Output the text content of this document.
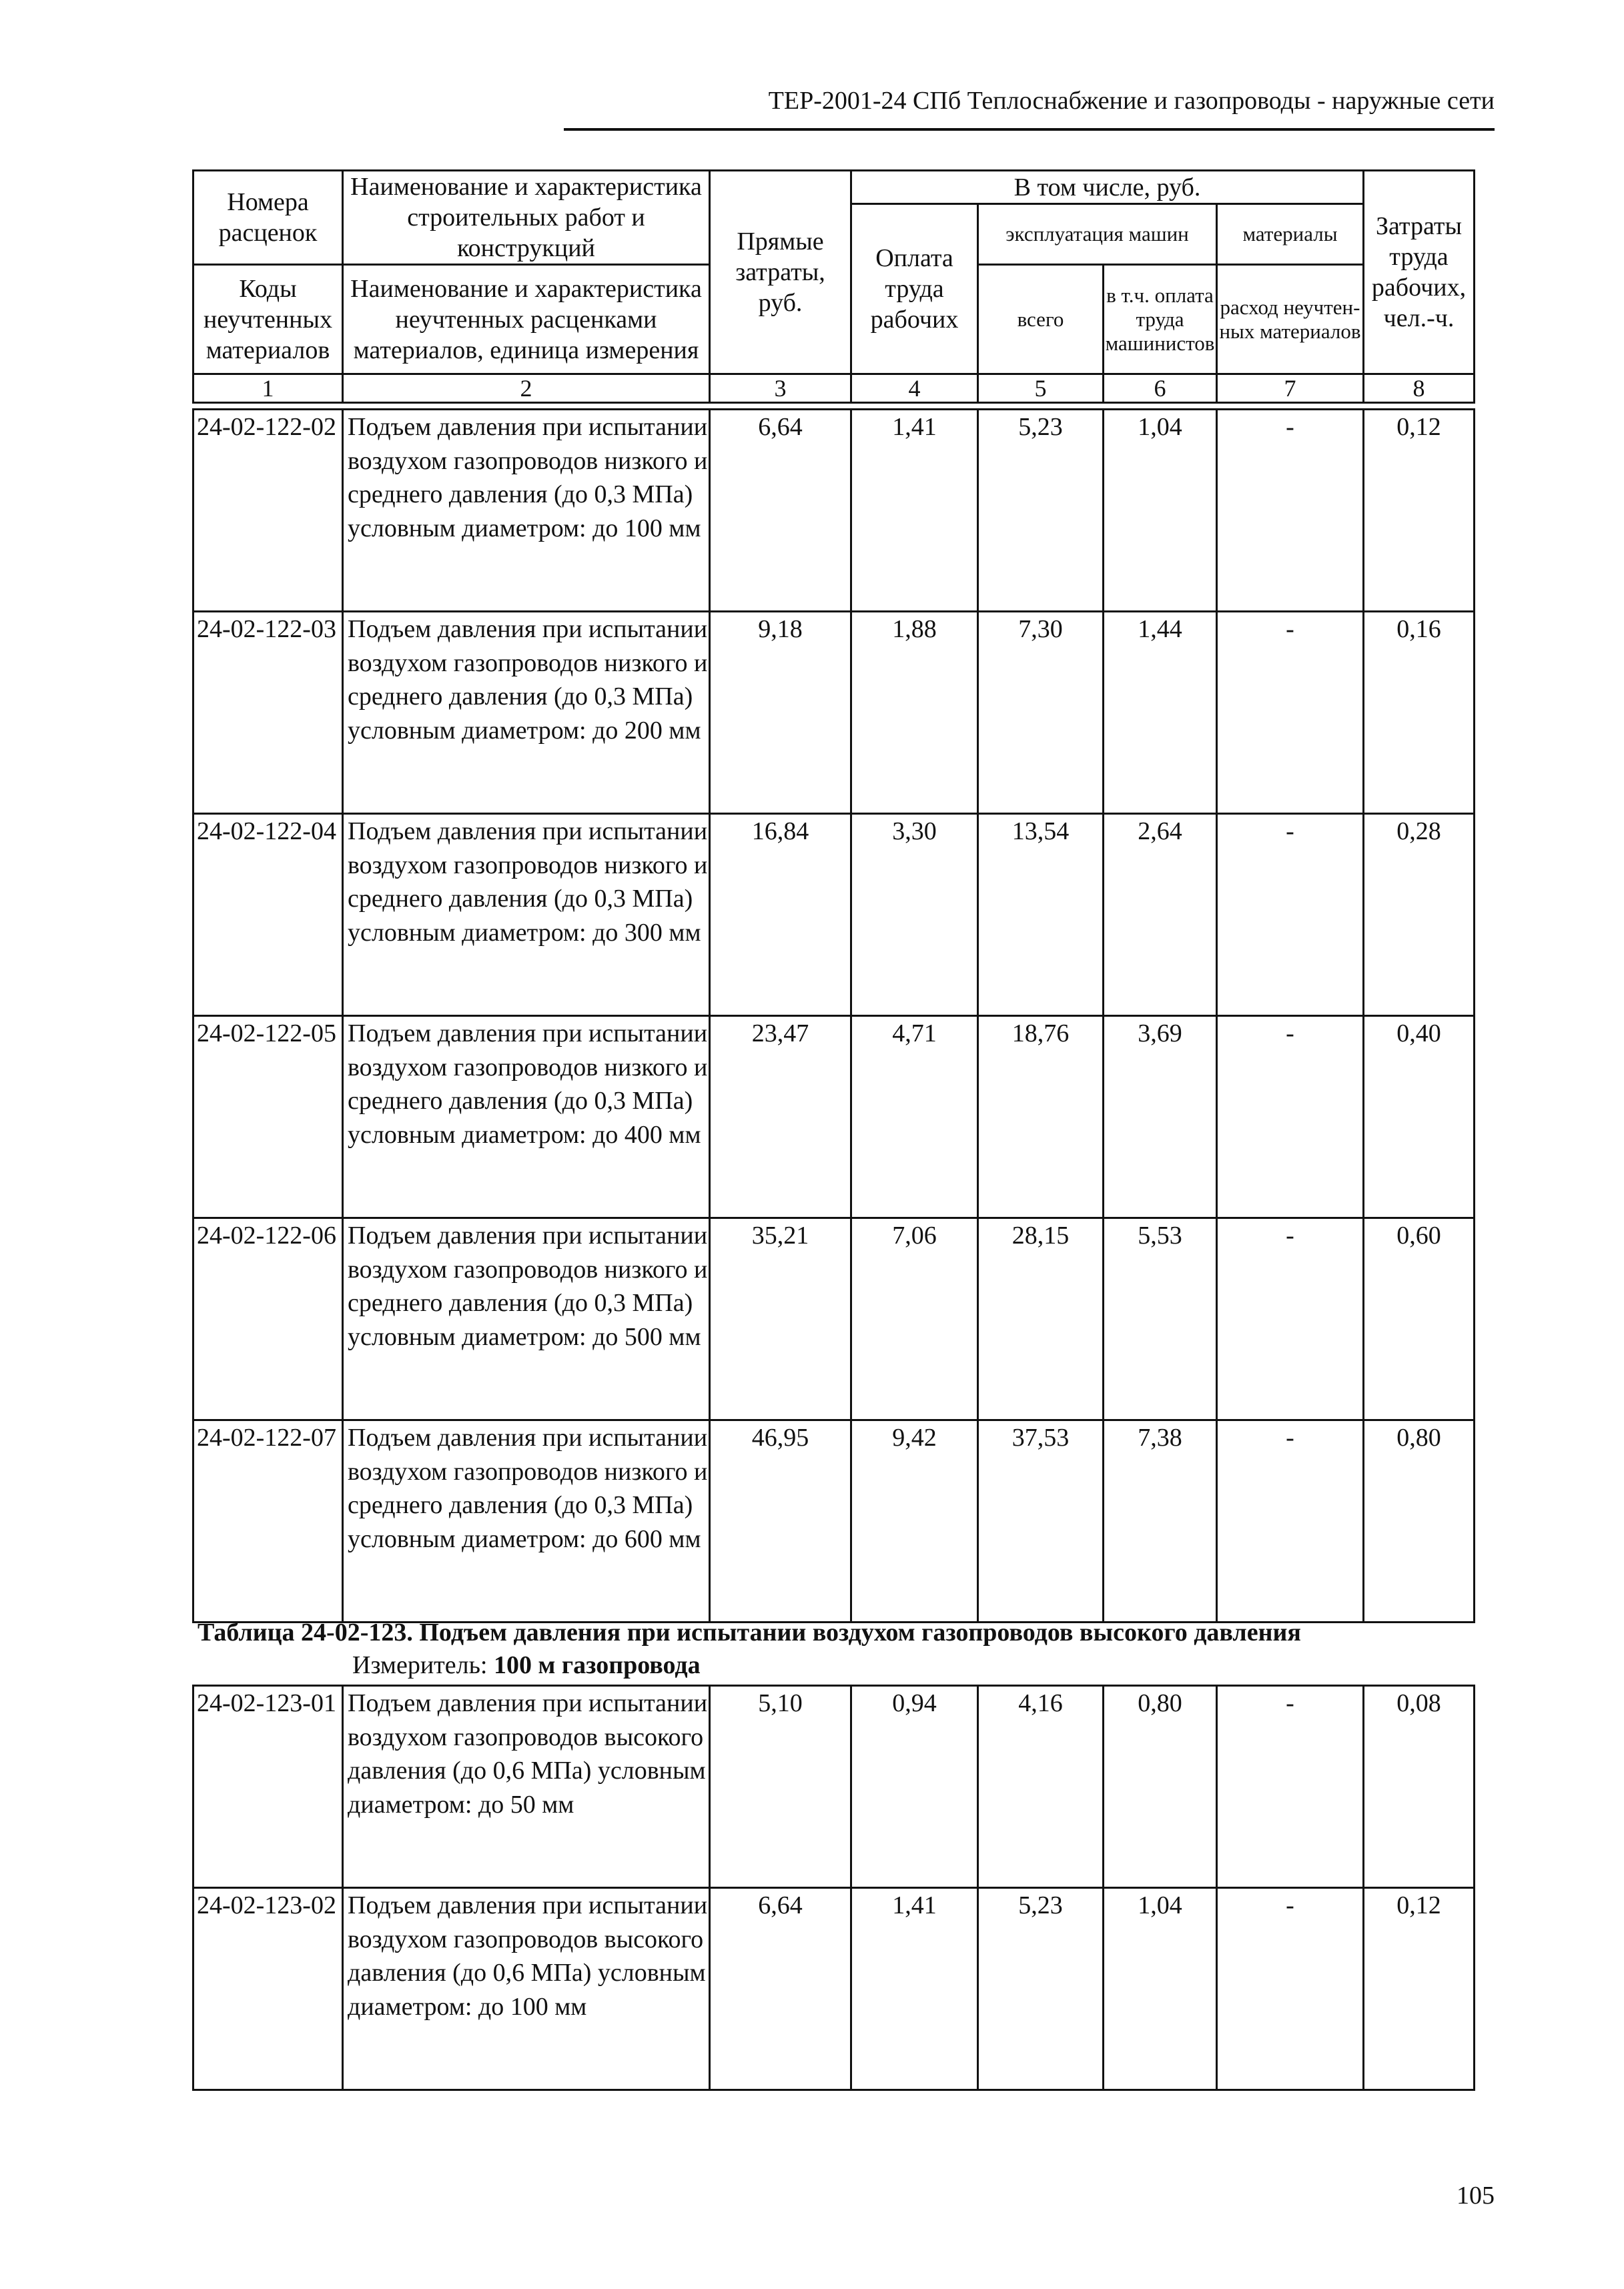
ТЕР-2001-24 СПб Теплоснабжение и газопроводы - наружные сети
Номера расценок	Наименование и характеристика строительных работ и конструкций	Прямые затраты, руб.	В том числе, руб.				Затраты труда рабочих, чел.-ч.
			Оплата труда рабочих	эксплуатация машин		материалы	
Коды неучтенных материалов	Наименование и характеристика неучтенных расценками материалов, единица измерения			всего	в т.ч. оплата труда машинистов	расход неучтен-ных материалов	

1	2	3	4	5	6	7	8
24-02-122-02	Подъем давления при испытании воздухом газопроводов низкого и среднего давления (до 0,3 МПа) условным диаметром: до 100 мм	6,64	1,41	5,23	1,04	-	0,12
24-02-122-03	Подъем давления при испытании воздухом газопроводов низкого и среднего давления (до 0,3 МПа) условным диаметром: до 200 мм	9,18	1,88	7,30	1,44	-	0,16
24-02-122-04	Подъем давления при испытании воздухом газопроводов низкого и среднего давления (до 0,3 МПа) условным диаметром: до 300 мм	16,84	3,30	13,54	2,64	-	0,28
24-02-122-05	Подъем давления при испытании воздухом газопроводов низкого и среднего давления (до 0,3 МПа) условным диаметром: до 400 мм	23,47	4,71	18,76	3,69	-	0,40
24-02-122-06	Подъем давления при испытании воздухом газопроводов низкого и среднего давления (до 0,3 МПа) условным диаметром: до 500 мм	35,21	7,06	28,15	5,53	-	0,60
24-02-122-07	Подъем давления при испытании воздухом газопроводов низкого и среднего давления (до 0,3 МПа) условным диаметром: до 600 мм	46,95	9,42	37,53	7,38	-	0,80
Таблица 24-02-123. Подъем давления при испытании воздухом газопроводов высокого давления
Измеритель: 100 м газопровода
24-02-123-01	Подъем давления при испытании воздухом газопроводов высокого давления (до 0,6 МПа) условным диаметром: до 50 мм	5,10	0,94	4,16	0,80	-	0,08
24-02-123-02	Подъем давления при испытании воздухом газопроводов высокого давления (до 0,6 МПа) условным диаметром: до 100 мм	6,64	1,41	5,23	1,04	-	0,12
105
